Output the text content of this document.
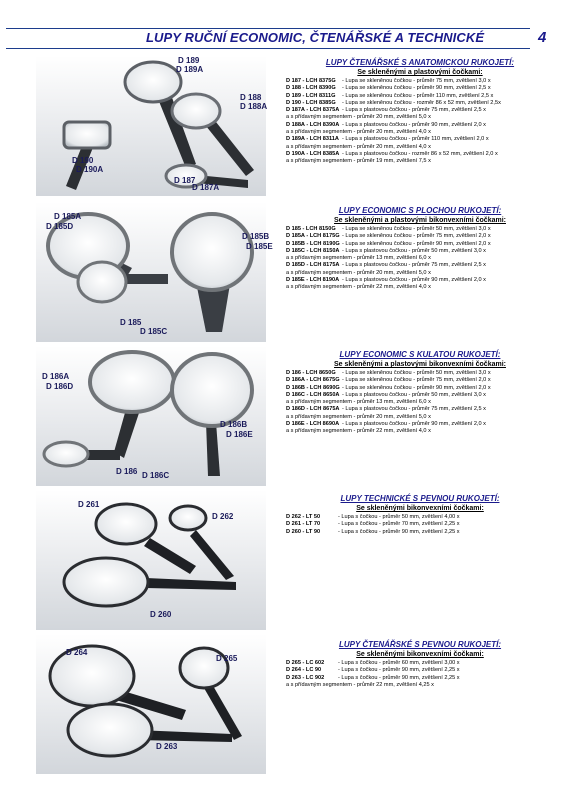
LUPY RUČNÍ ECONOMIC, ČTENÁŘSKÉ A TECHNICKÉ	4
D 189
D 189A
D 188
D 188A
D 190
D 190A
D 187
D 187A
D 185A
D 185D
D 185B
D 185E
D 185
D 185C
D 186A
D 186D
D 186B
D 186E
D 186 D 186C
D 261
D 262
D 260
D 264
D 265
D 263
LUPY ČTENÁŘSKÉ S ANATOMICKOU RUKOJETÍ:
Se skleněnými a plastovými čočkami:
D 187 - LCH 8375G - Lupa se skleněnou čočkou - průměr 75 mm, zvětšení 3,0 x
D 188 - LCH 8390G - Lupa se skleněnou čočkou - průměr 90 mm, zvětšení 2,5 x
D 189 - LCH 8311G - Lupa se skleněnou čočkou - průměr 110 mm, zvětšení 2,5 x
D 190 - LCH 8385G - Lupa se skleněnou čočkou - rozměr 86 x 52 mm, zvětšení 2,5x
D 187A - LCH 8375A - Lupa s plastovou čočkou - průměr 75 mm, zvětšení 2,5 x
a s přídavným segmentem - průměr 20 mm, zvětšení 5,0 x
D 188A - LCH 8390A - Lupa s plastovou čočkou - průměr 90 mm, zvětšení 2,0 x
a s přídavným segmentem - průměr 20 mm, zvětšení 4,0 x
D 189A - LCH 8311A - Lupa s plastovou čočkou - průměr 110 mm, zvětšení 2,0 x
a s přídavným segmentem - průměr 20 mm, zvětšení 4,0 x
D 190A - LCH 8385A - Lupa s plastovou čočkou - rozměr 86 x 52 mm, zvětšení 2,0 x
a s přídavným segmentem - průměr 19 mm, zvětšení 7,5 x
LUPY ECONOMIC S PLOCHOU RUKOJETÍ:
Se skleněnými a plastovými bikonvexními čočkami:
D 185 - LCH 8150G - Lupa se skleněnou čočkou - průměr 50 mm, zvětšení 3,0 x
D 185A - LCH 8175G - Lupa se skleněnou čočkou - průměr 75 mm, zvětšení 2,0 x
D 185B - LCH 8190G - Lupa se skleněnou čočkou - průměr 90 mm, zvětšení 2,0 x
D 185C - LCH 8150A - Lupa s plastovou čočkou - průměr 50 mm, zvětšení 3,0 x
a s přídavným segmentem - průměr 13 mm, zvětšení 6,0 x
D 185D - LCH 8175A - Lupa s plastovou čočkou - průměr 75 mm, zvětšení 2,5 x
a s přídavným segmentem - průměr 20 mm, zvětšení 5,0 x
D 185E - LCH 8190A - Lupa s plastovou čočkou - průměr 90 mm, zvětšení 2,0 x
a s přídavným segmentem - průměr 22 mm, zvětšení 4,0 x
LUPY ECONOMIC S KULATOU RUKOJETÍ:
Se skleněnými a plastovými bikonvexními čočkami:
D 186 - LCH 8650G - Lupa se skleněnou čočkou - průměr 50 mm, zvětšení 3,0 x
D 186A - LCH 8675G - Lupa se skleněnou čočkou - průměr 75 mm, zvětšení 2,0 x
D 186B - LCH 8690G - Lupa se skleněnou čočkou - průměr 90 mm, zvětšení 2,0 x
D 186C - LCH 8650A - Lupa s plastovou čočkou - průměr 50 mm, zvětšení 3,0 x
a s přídavným segmentem - průměr 13 mm, zvětšení 6,0 x
D 186D - LCH 8675A - Lupa s plastovou čočkou - průměr 75 mm, zvětšení 2,5 x
a s přídavným segmentem - průměr 20 mm, zvětšení 5,0 x
D 186E - LCH 8690A - Lupa s plastovou čočkou - průměr 90 mm, zvětšení 2,0 x
a s přídavným segmentem - průměr 22 mm, zvětšení 4,0 x
LUPY TECHNICKÉ S PEVNOU RUKOJETÍ:
Se skleněnými bikonvexními čočkami:
D 262 - LT 50	- Lupa s čočkou - průměr 50 mm, zvětšení 4,00 x
D 261 - LT 70	- Lupa s čočkou - průměr 70 mm, zvětšení 2,25 x
D 260 - LT 90	- Lupa s čočkou - průměr 90 mm, zvětšení 2,25 x
LUPY ČTENÁŘSKÉ S PEVNOU RUKOJETÍ:
Se skleněnými bikonvexními čočkami:
D 265 - LC 602 - Lupa s čočkou - průměr 60 mm, zvětšení 3,00 x
D 264 - LC 90	- Lupa s čočkou - průměr 90 mm, zvětšení 2,25 x
D 263 - LC 902 - Lupa s čočkou - průměr 90 mm, zvětšení 2,25 x
a s přídavným segmentem - průměr 22 mm, zvětšení 4,25 x
